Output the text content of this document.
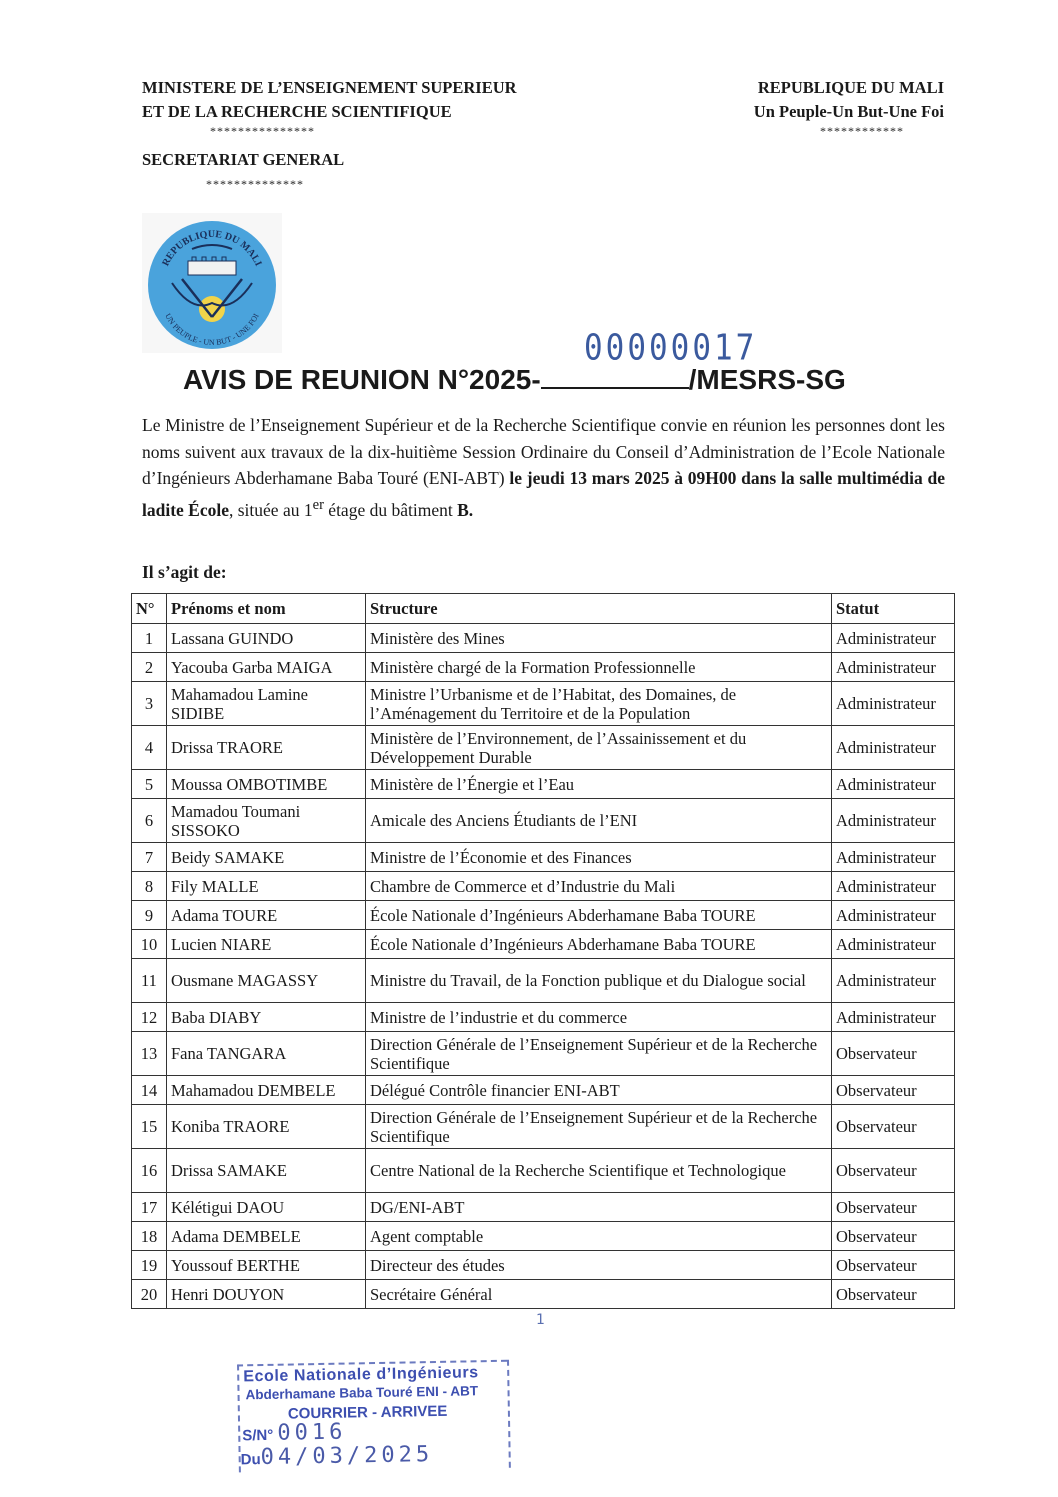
MINISTERE DE L’ENSEIGNEMENT SUPERIEUR
ET DE LA RECHERCHE SCIENTIFIQUE
***************
REPUBLIQUE DU MALI
Un Peuple-Un But-Une Foi
************
SECRETARIAT GENERAL
**************
REPUBLIQUE DU MALI
UN PEUPLE - UN BUT - UNE FOI
00000017
AVIS DE REUNION N°2025-	/MESRS-SG
Le Ministre de l’Enseignement Supérieur et de la Recherche Scientifique convie en réunion les personnes dont les noms suivent aux travaux de la dix-huitième Session Ordinaire du Conseil d’Administration de l’Ecole Nationale d’Ingénieurs Abderhamane Baba Touré (ENI-ABT) le jeudi 13 mars 2025 à 09H00 dans la salle multimédia de ladite École, située au 1er étage du bâtiment B.
Il s’agit de:
N°	Prénoms et nom	Structure	Statut
1	Lassana GUINDO	Ministère des Mines	Administrateur
2	Yacouba Garba MAIGA	Ministère chargé de la Formation Professionnelle	Administrateur
3	Mahamadou Lamine SIDIBE	Ministre l’Urbanisme et de l’Habitat, des Domaines, de l’Aménagement du Territoire et de la Population	Administrateur
4	Drissa TRAORE	Ministère de l’Environnement, de l’Assainissement et du Développement Durable	Administrateur
5	Moussa OMBOTIMBE	Ministère de l’Énergie et l’Eau	Administrateur
6	Mamadou Toumani SISSOKO	Amicale des Anciens Étudiants de l’ENI	Administrateur
7	Beidy SAMAKE	Ministre de l’Économie et des Finances	Administrateur
8	Fily MALLE	Chambre de Commerce et d’Industrie du Mali	Administrateur
9	Adama TOURE	École Nationale d’Ingénieurs Abderhamane Baba TOURE	Administrateur
10	Lucien NIARE	École Nationale d’Ingénieurs Abderhamane Baba TOURE	Administrateur
11	Ousmane MAGASSY	Ministre du Travail, de la Fonction publique et du Dialogue social	Administrateur
12	Baba DIABY	Ministre de l’industrie et du commerce	Administrateur
13	Fana TANGARA	Direction Générale de l’Enseignement Supérieur et de la Recherche Scientifique	Observateur
14	Mahamadou DEMBELE	Délégué Contrôle financier ENI-ABT	Observateur
15	Koniba TRAORE	Direction Générale de l’Enseignement Supérieur et de la Recherche Scientifique	Observateur
16	Drissa SAMAKE	Centre National de la Recherche Scientifique et Technologique	Observateur
17	Kélétigui DAOU	DG/ENI-ABT	Observateur
18	Adama DEMBELE	Agent comptable	Observateur
19	Youssouf BERTHE	Directeur des études	Observateur
20	Henri DOUYON	Secrétaire Général	Observateur
1
Ecole Nationale d’Ingénieurs
Abderhamane Baba Touré ENI - ABT
COURRIER - ARRIVEE
S/N° 0016
Du04/03/2025
